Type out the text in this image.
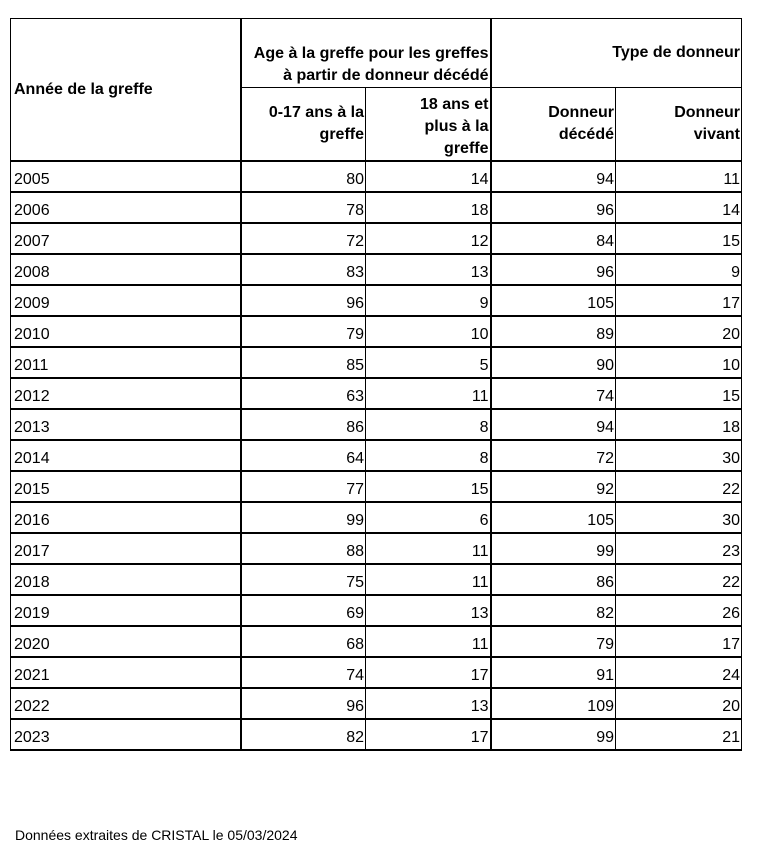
Année de la greffe	Age à la greffe pour les greffes à partir de donneur décédé		Type de donneur	
	0-17 ans à la greffe	18 ans et plus à la greffe	Donneur décédé	Donneur vivant
2005	80	14	94	11
2006	78	18	96	14
2007	72	12	84	15
2008	83	13	96	9
2009	96	9	105	17
2010	79	10	89	20
2011	85	5	90	10
2012	63	11	74	15
2013	86	8	94	18
2014	64	8	72	30
2015	77	15	92	22
2016	99	6	105	30
2017	88	11	99	23
2018	75	11	86	22
2019	69	13	82	26
2020	68	11	79	17
2021	74	17	91	24
2022	96	13	109	20
2023	82	17	99	21
Données extraites de CRISTAL le 05/03/2024
